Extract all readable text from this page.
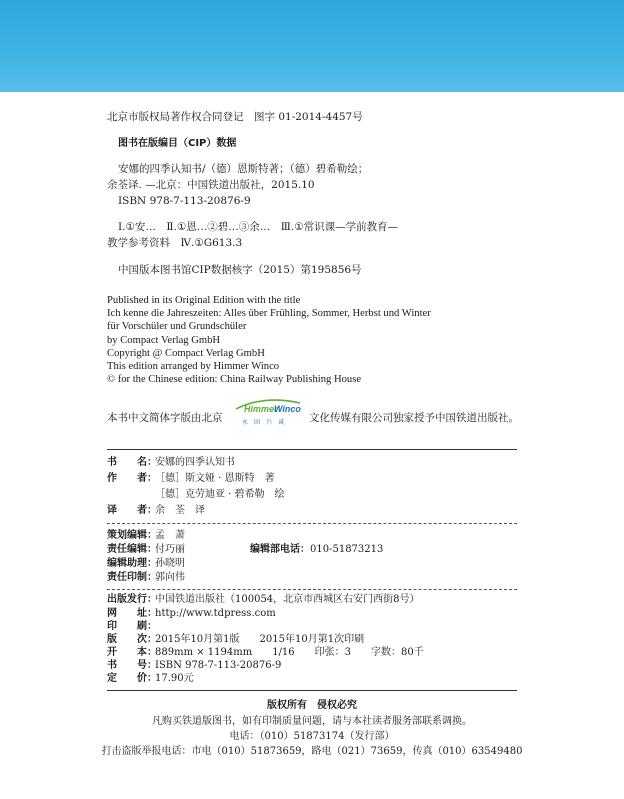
北京市版权局著作权合同登记　图字 01-2014-4457号
图书在版编目（CIP）数据
安娜的四季认知书/（德）恩斯特著；（德）碧希勒绘；
余荃译. —北京：中国铁道出版社，2015.10
ISBN 978-7-113-20876-9
Ⅰ.①安…　Ⅱ.①恩…②碧…③余…　Ⅲ.①常识课—学前教育—
教学参考资料　Ⅳ.①G613.3
中国版本图书馆CIP数据核字（2015）第195856号
Published in its Original Edition with the title
Ich kenne die Jahreszeiten: Alles über Frühling, Sommer, Herbst und Winter
für Vorschüler und Grundschüler
by Compact Verlag GmbH
Copyright @ Compact Verlag GmbH
This edition arranged by Himmer Winco
© for the Chinese edition: China Railway Publishing House
本书中文简体字版由北京
Himmer
Winco
永　固　兴　诚 文化传媒有限公司独家授予中国铁道出版社。
书　　名：安娜的四季认知书
作　　者：［德］斯文娅 · 恩斯特　著
［德］克劳迪亚 · 碧希勒　绘
译　　者：余　荃　译
策划编辑：孟　萧
责任编辑：付巧丽	编辑部电话：010-51873213
编辑助理：孙晓明
责任印制：郭向伟
出版发行：中国铁道出版社（100054，北京市西城区右安门西街8号）
网　　址：http://www.tdpress.com
印　　刷：
版　　次：2015年10月第1版　　2015年10月第1次印刷
开　　本：889mm × 1194mm　　1/16　　印张：3　　字数：80千
书　　号：ISBN 978-7-113-20876-9
定　　价：17.90元
版权所有　侵权必究
凡购买铁道版图书，如有印制质量问题，请与本社读者服务部联系调换。
电话：（010）51873174（发行部）
打击盗版举报电话：市电（010）51873659，路电（021）73659，传真（010）63549480
